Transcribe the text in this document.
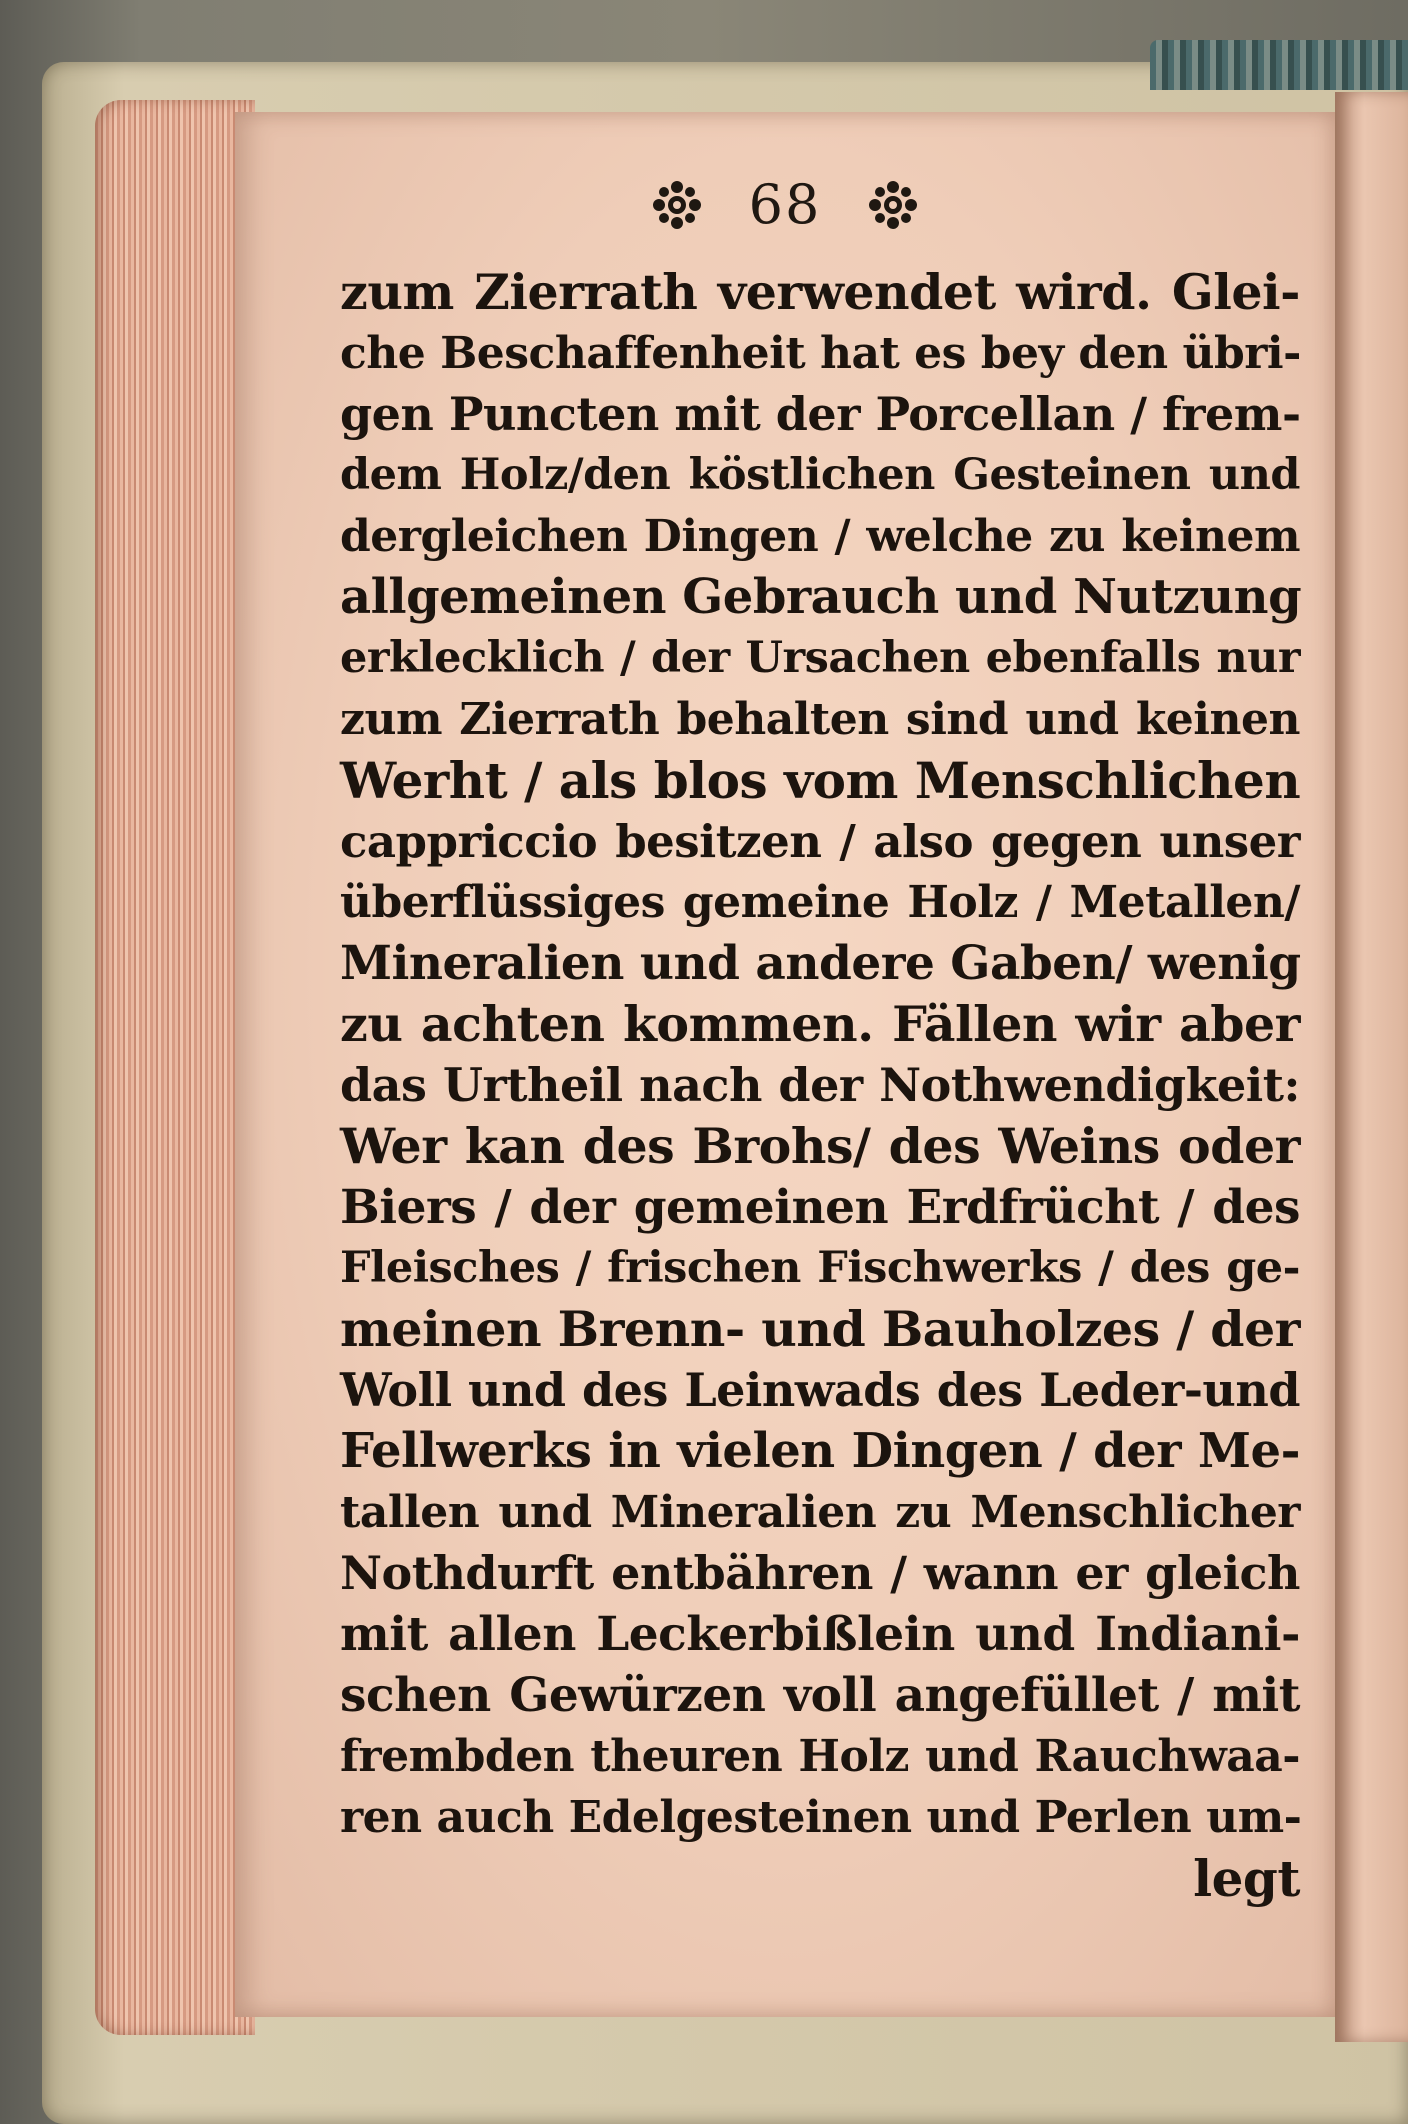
68
zum Zierrath verwendet wird. Glei-
che Beschaffenheit hat es bey den übri-
gen Puncten mit der Porcellan / frem-
dem Holz/den köstlichen Gesteinen und
dergleichen Dingen / welche zu keinem
allgemeinen Gebrauch und Nutzung
erklecklich / der Ursachen ebenfalls nur
zum Zierrath behalten sind und keinen
Werht / als blos vom Menschlichen
cappriccio besitzen / also gegen unser
überflüssiges gemeine Holz / Metallen/
Mineralien und andere Gaben/ wenig
zu achten kommen. Fällen wir aber
das Urtheil nach der Nothwendigkeit:
Wer kan des Brohs/ des Weins oder
Biers / der gemeinen Erdfrücht / des
Fleisches / frischen Fischwerks / des ge-
meinen Brenn- und Bauholzes / der
Woll und des Leinwads des Leder-und
Fellwerks in vielen Dingen / der Me-
tallen und Mineralien zu Menschlicher
Nothdurft entbähren / wann er gleich
mit allen Leckerbißlein und Indiani-
schen Gewürzen voll angefüllet / mit
frembden theuren Holz und Rauchwaa-
ren auch Edelgesteinen und Perlen um-
legt
